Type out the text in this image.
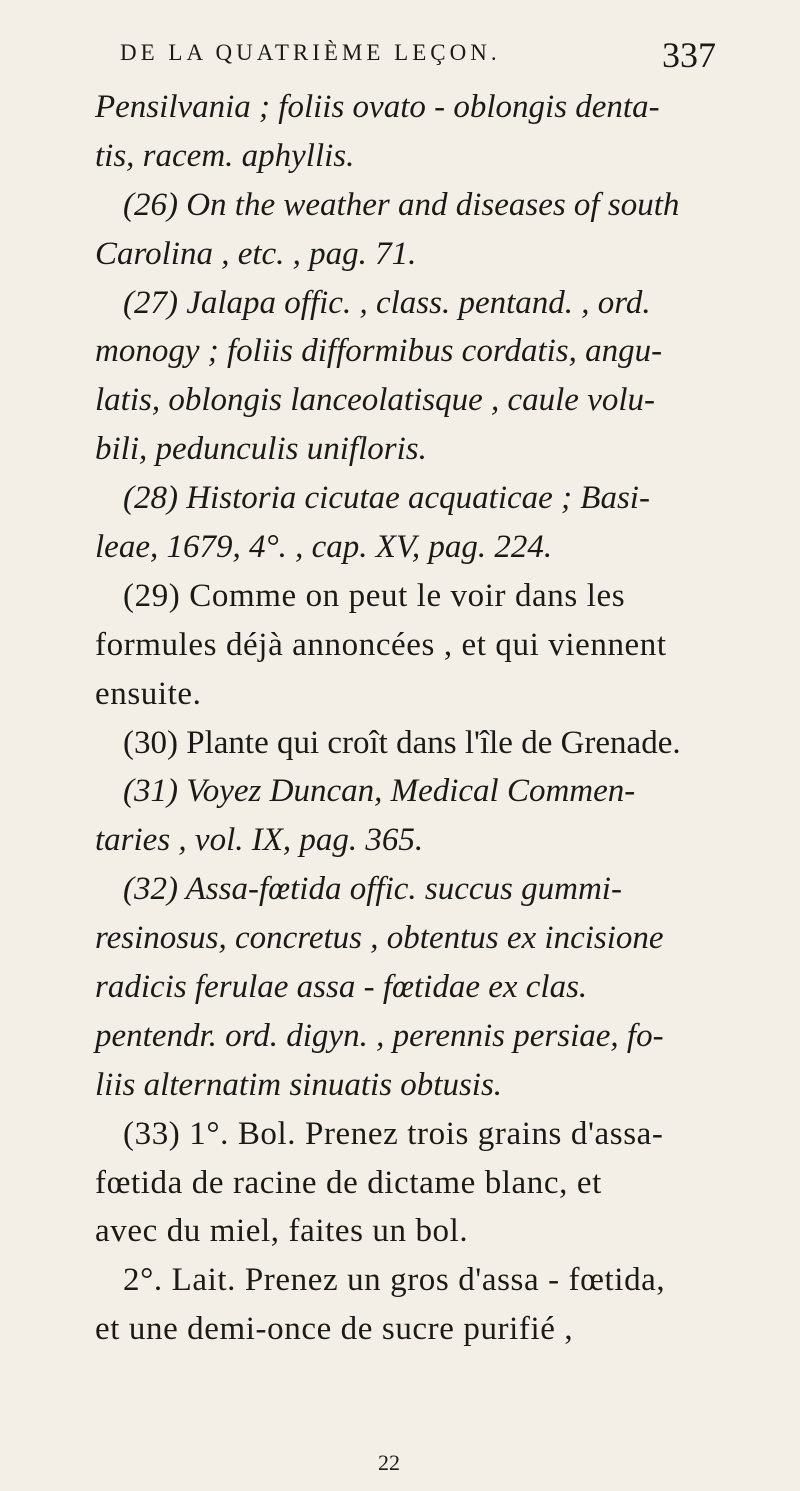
DE LA QUATRIÈME LEÇON.	337
Pensilvania ; foliis ovato - oblongis denta-
tis, racem. aphyllis.
(26) On the weather and diseases of south
Carolina , etc. , pag. 71.
(27) Jalapa offic. , class. pentand. , ord.
monogy ; foliis difformibus cordatis, angu-
latis, oblongis lanceolatisque , caule volu-
bili, pedunculis unifloris.
(28) Historia cicutae acquaticae ; Basi-
leae, 1679, 4°. , cap. XV, pag. 224.
(29) Comme on peut le voir dans les
formules déjà annoncées , et qui viennent
ensuite.
(30) Plante qui croît dans l'île de Grenade.
(31) Voyez Duncan, Medical Commen-
taries , vol. IX, pag. 365.
(32) Assa-fœtida offic. succus gummi-
resinosus, concretus , obtentus ex incisione
radicis ferulae assa - fœtidae ex clas.
pentendr. ord. digyn. , perennis persiae, fo-
liis alternatim sinuatis obtusis.
(33) 1°. Bol. Prenez trois grains d'assa-
fœtida de racine de dictame blanc, et
avec du miel, faites un bol.
2°. Lait. Prenez un gros d'assa - fœtida,
et une demi-once de sucre purifié ,
22
